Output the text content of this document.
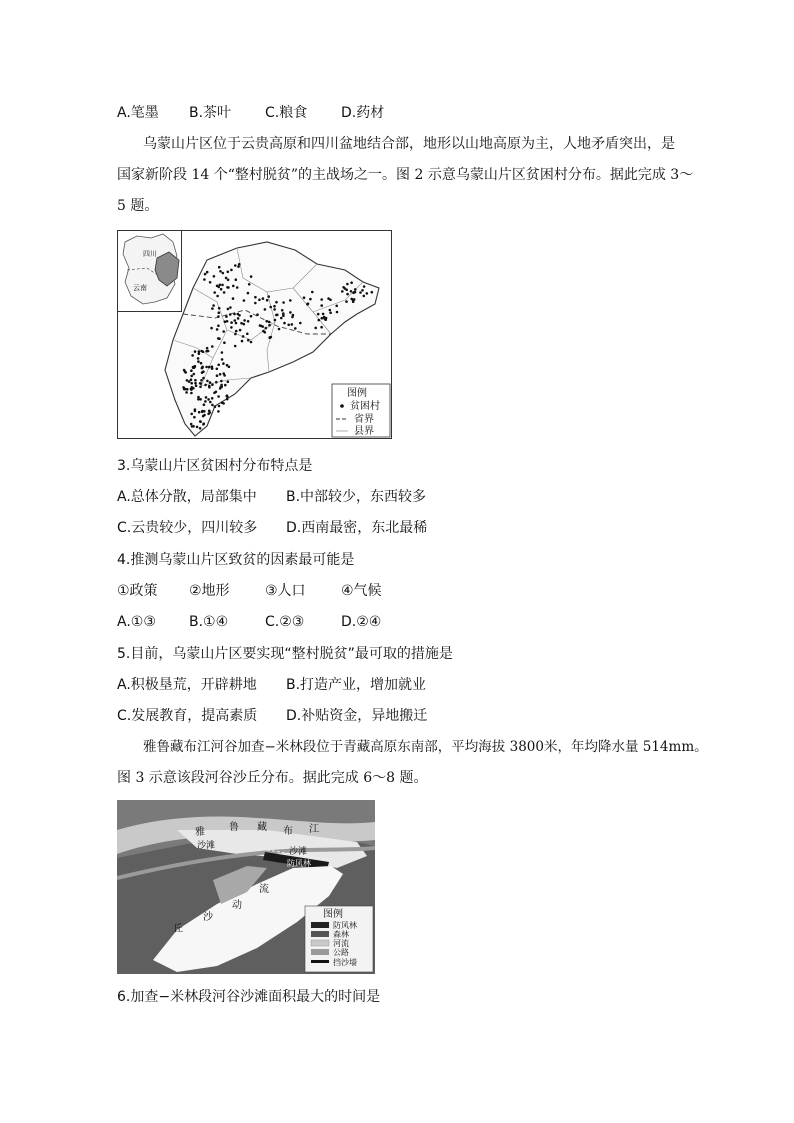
A.笔墨 B.茶叶 C.粮食 D.药材
乌蒙山片区位于云贵高原和四川盆地结合部，地形以山地高原为主，人地矛盾突出，是
国家新阶段 14 个“整村脱贫”的主战场之一。图 2 示意乌蒙山片区贫困村分布。据此完成 3～
5 题。
四川
云南
图例
贫困村
省界
县界
3.乌蒙山片区贫困村分布特点是
A.总体分散，局部集中 B.中部较少，东西较多
C.云贵较少，四川较多 D.西南最密，东北最稀
4.推测乌蒙山片区致贫的因素最可能是
①政策 ②地形	③人口	④气候
A.①③ B.①④	C.②③	D.②④
5.目前，乌蒙山片区要实现“整村脱贫”最可取的措施是
A.积极垦荒，开辟耕地 B.打造产业，增加就业
C.发展教育，提高素质 D.补贴资金，异地搬迁
雅鲁藏布江河谷加查−米林段位于青藏高原东南部，平均海拔 3800米，年均降水量 514mm。
图 3 示意该段河谷沙丘分布。据此完成 6～8 题。
雅 鲁 藏 布 江
沙滩
沙滩
防风林
流
动
沙
丘
图例
防风林
森林
河流
公路
挡沙墙
6.加查−米林段河谷沙滩面积最大的时间是
